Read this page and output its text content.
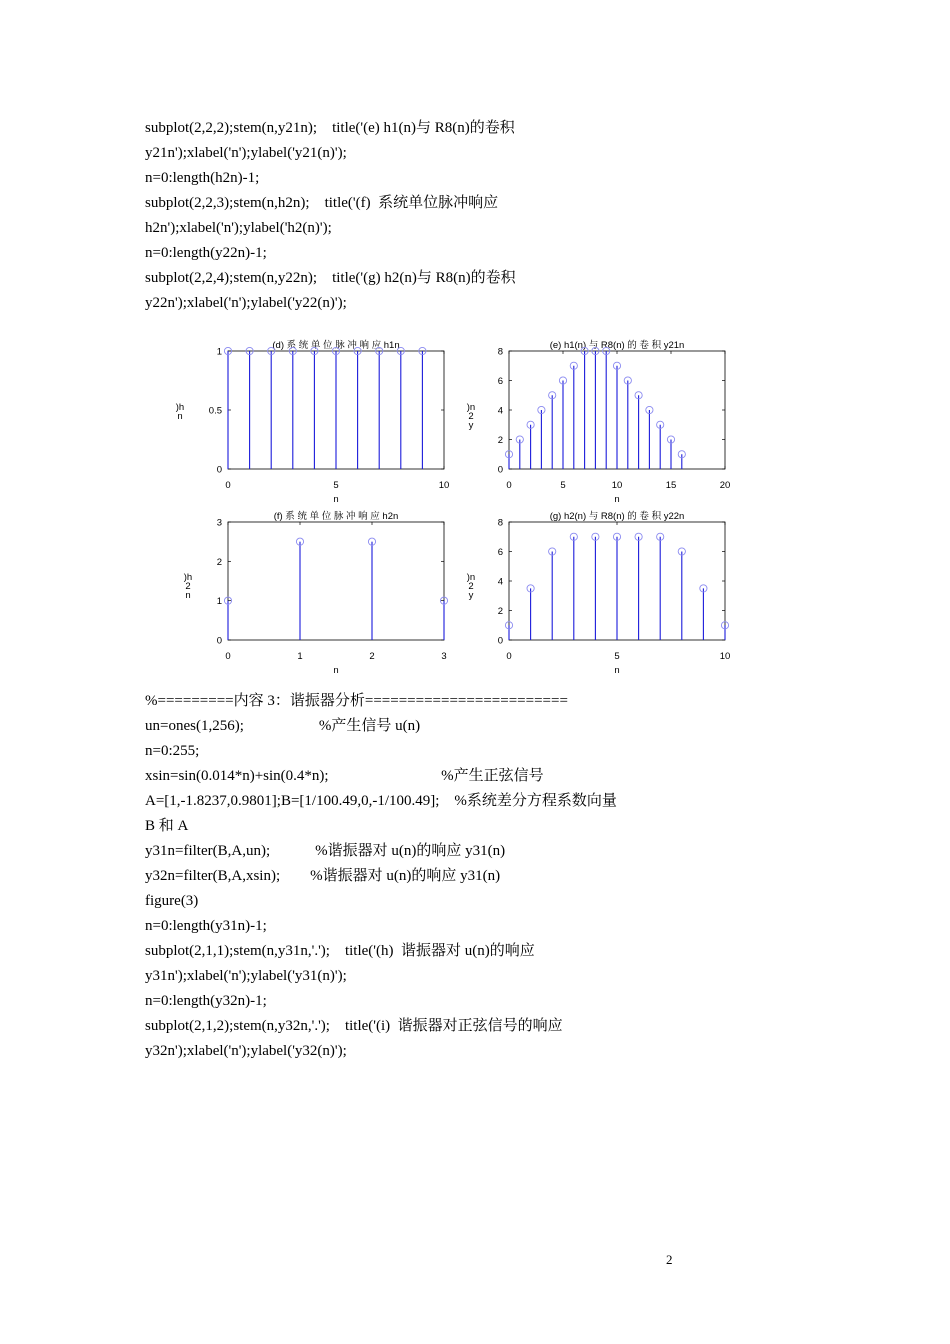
subplot(2,2,2);stem(n,y21n);    title('(e) h1(n)与 R8(n)的卷积
y21n');xlabel('n');ylabel('y21(n)');
n=0:length(h2n)-1;
subplot(2,2,3);stem(n,h2n);    title('(f)  系统单位脉冲响应
h2n');xlabel('n');ylabel('h2(n)');
n=0:length(y22n)-1;
subplot(2,2,4);stem(n,y22n);    title('(g) h2(n)与 R8(n)的卷积
y22n');xlabel('n');ylabel('y22(n)');
(d) 系 统 单 位 脉 冲 响 应 h1n
0	5	10
0
0.5
1
n
)h n
(e) h1(n) 与 R8(n) 的 卷 积 y21n
0	5	10	15	20
0
2
4
6
8
n
)n 2 y
(f) 系 统 单 位 脉 冲 响 应 h2n
0	1	2	3
0
1
2
3
n
)h 2 n
(g) h2(n) 与 R8(n) 的 卷 积 y22n
0	5	10
0
2
4
6
8
n
)n 2 y
%=========内容 3：谐振器分析========================
un=ones(1,256);                    %产生信号 u(n)
n=0:255;
xsin=sin(0.014*n)+sin(0.4*n);                              %产生正弦信号
A=[1,-1.8237,0.9801];B=[1/100.49,0,-1/100.49];    %系统差分方程系数向量
B 和 A
y31n=filter(B,A,un);            %谐振器对 u(n)的响应 y31(n)
y32n=filter(B,A,xsin);        %谐振器对 u(n)的响应 y31(n)
figure(3)
n=0:length(y31n)-1;
subplot(2,1,1);stem(n,y31n,'.');    title('(h)  谐振器对 u(n)的响应
y31n');xlabel('n');ylabel('y31(n)');
n=0:length(y32n)-1;
subplot(2,1,2);stem(n,y32n,'.');    title('(i)  谐振器对正弦信号的响应
y32n');xlabel('n');ylabel('y32(n)');
2
